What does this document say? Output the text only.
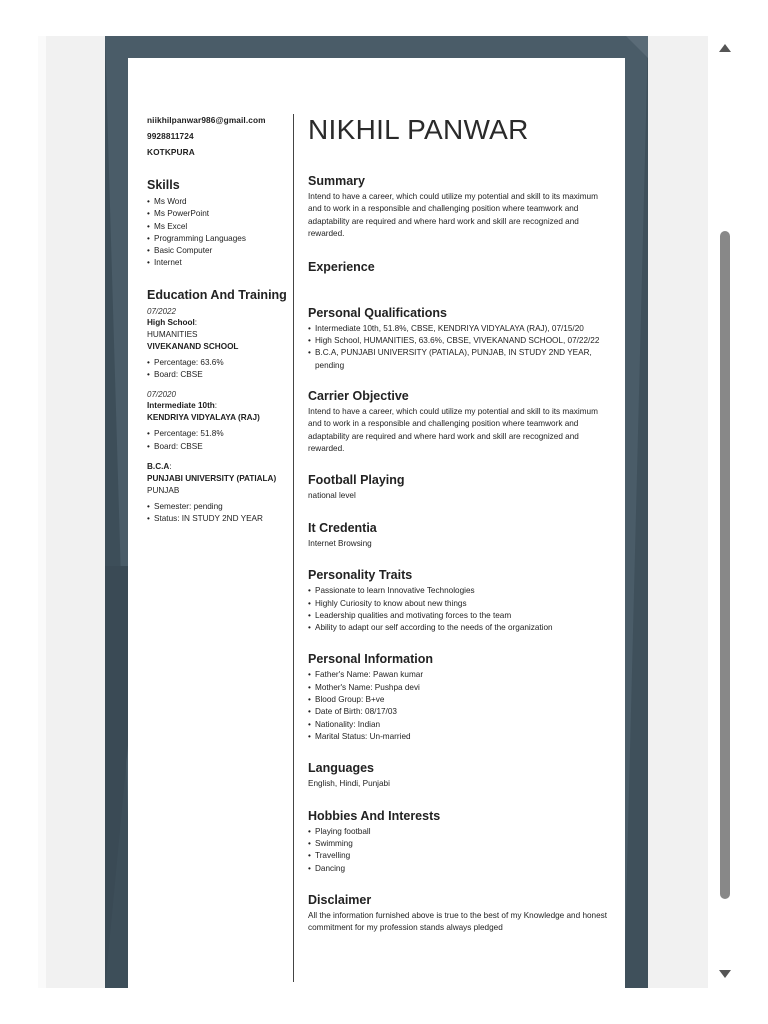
niikhilpanwar986@gmail.com
9928811724
KOTKPURA
Skills
• Ms Word
• Ms PowerPoint
• Ms Excel
• Programming Languages
• Basic Computer
• Internet
Education And Training
07/2022
High School:
HUMANITIES
VIVEKANAND SCHOOL
• Percentage: 63.6%
• Board: CBSE
07/2020
Intermediate 10th:
KENDRIYA VIDYALAYA (RAJ)
• Percentage: 51.8%
• Board: CBSE
B.C.A:
PUNJABI UNIVERSITY (PATIALA)
PUNJAB
• Semester: pending
• Status: IN STUDY 2ND YEAR
NIKHIL PANWAR
Summary

Intend to have a career, which could utilize my potential and skill to its maximum and to work in a responsible and challenging position where teamwork and adaptability are required and where hard work and skill are recognized and rewarded.

Experience
Personal Qualifications
• Intermediate 10th, 51.8%, CBSE, KENDRIYA VIDYALAYA (RAJ), 07/15/20
• High School, HUMANITIES, 63.6%, CBSE, VIVEKANAND SCHOOL, 07/22/22
• B.C.A, PUNJABI UNIVERSITY (PATIALA), PUNJAB, IN STUDY 2ND YEAR, pending
Carrier Objective

Intend to have a career, which could utilize my potential and skill to its maximum and to work in a responsible and challenging position where teamwork and adaptability are required and where hard work and skill are recognized and rewarded.

Football Playing

national level

It Credentia

Internet Browsing

Personality Traits
• Passionate to learn Innovative Technologies
• Highly Curiosity to know about new things
• Leadership qualities and motivating forces to the team
• Ability to adapt our self according to the needs of the organization
Personal Information
• Father's Name: Pawan kumar
• Mother's Name: Pushpa devi
• Blood Group: B+ve
• Date of Birth: 08/17/03
• Nationality: Indian
• Marital Status: Un-married
Languages

English, Hindi, Punjabi

Hobbies And Interests
• Playing football
• Swimming
• Travelling
• Dancing
Disclaimer

All the information furnished above is true to the best of my Knowledge and honest commitment for my profession stands always pledged
